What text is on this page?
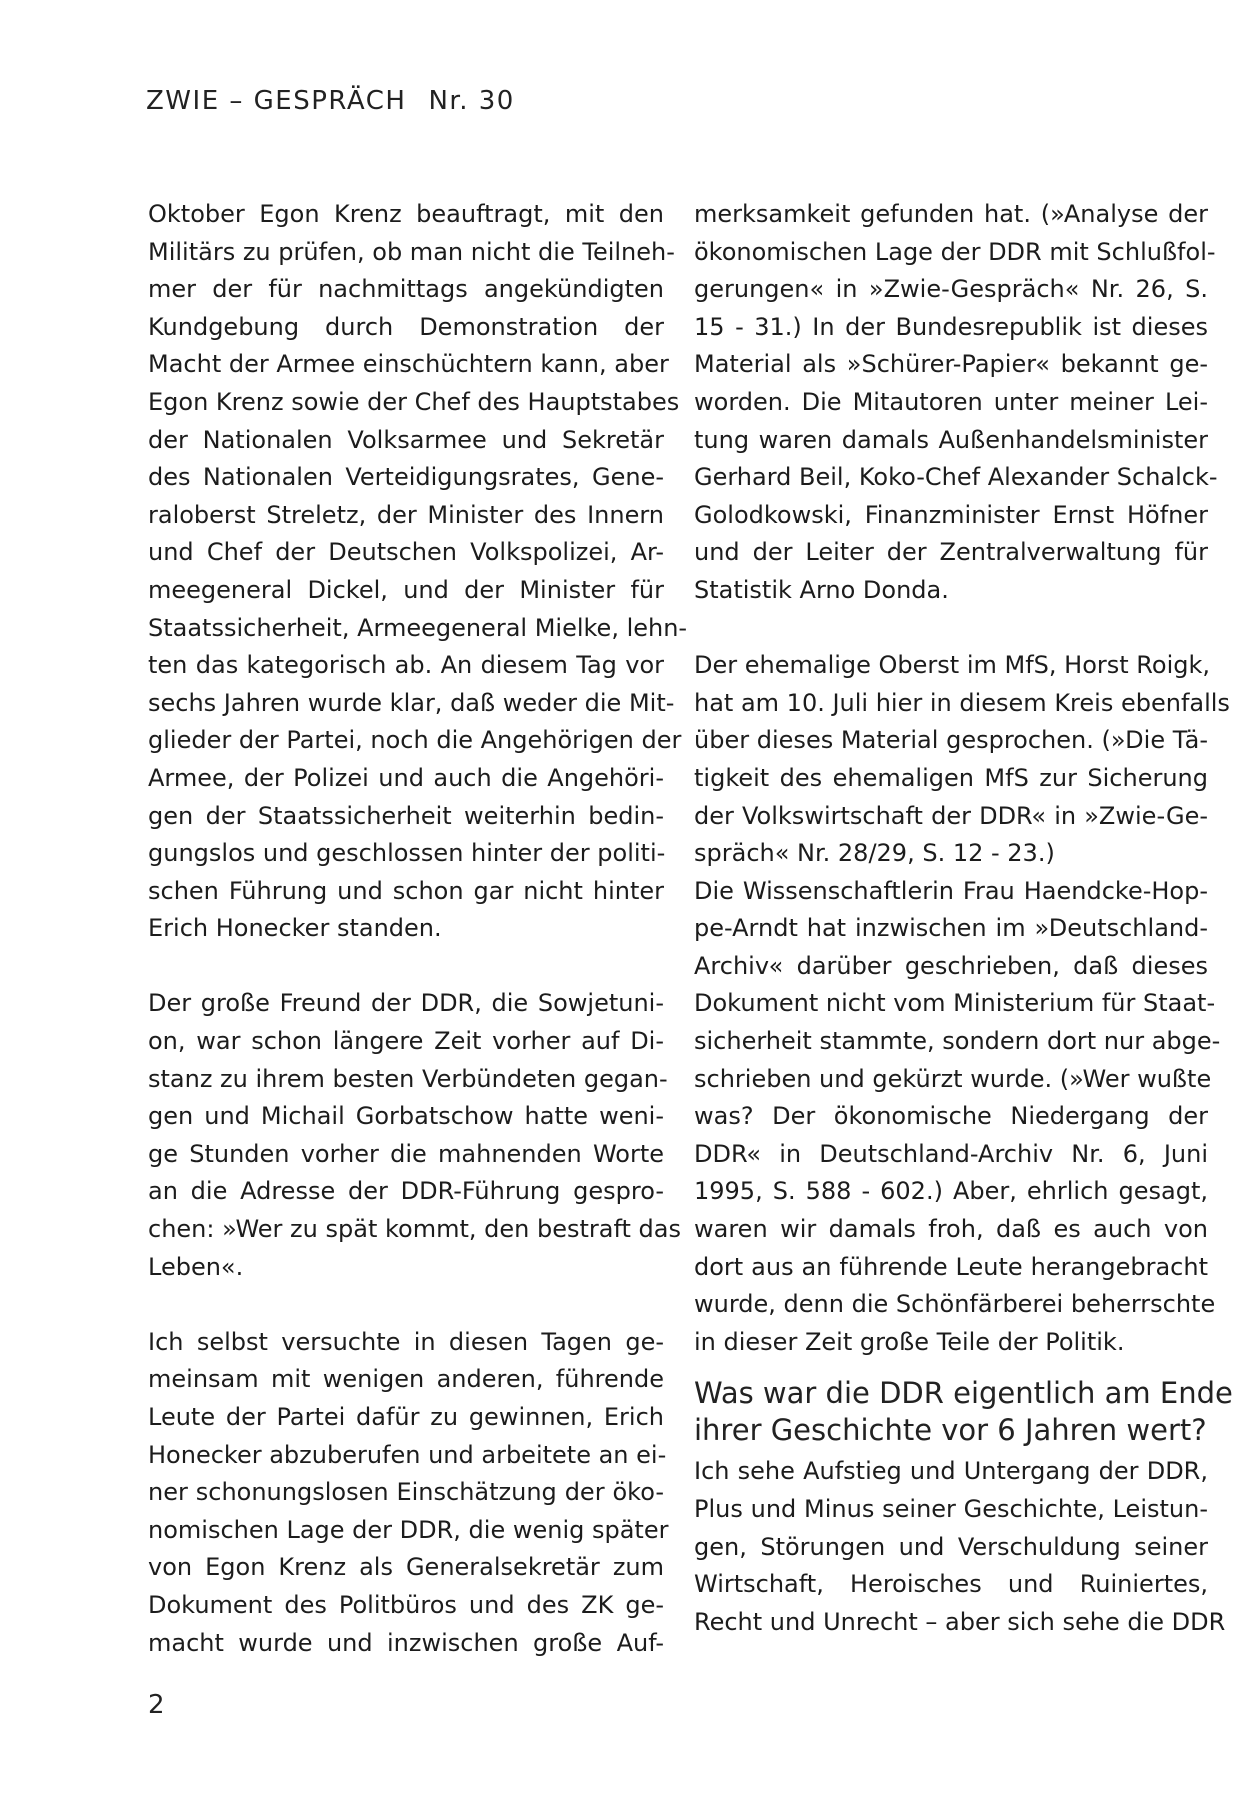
ZWIE – GESPRÄCH Nr. 30
Oktober Egon Krenz beauftragt, mit den
Militärs zu prüfen, ob man nicht die Teilneh-
mer der für nachmittags angekündigten
Kundgebung durch Demonstration der
Macht der Armee einschüchtern kann, aber
Egon Krenz sowie der Chef des Hauptstabes
der Nationalen Volksarmee und Sekretär
des Nationalen Verteidigungsrates, Gene-
raloberst Streletz, der Minister des Innern
und Chef der Deutschen Volkspolizei, Ar-
meegeneral Dickel, und der Minister für
Staatssicherheit, Armeegeneral Mielke, lehn-
ten das kategorisch ab. An diesem Tag vor
sechs Jahren wurde klar, daß weder die Mit-
glieder der Partei, noch die Angehörigen der
Armee, der Polizei und auch die Angehöri-
gen der Staatssicherheit weiterhin bedin-
gungslos und geschlossen hinter der politi-
schen Führung und schon gar nicht hinter
Erich Honecker standen.
Der große Freund der DDR, die Sowjetuni-
on, war schon längere Zeit vorher auf Di-
stanz zu ihrem besten Verbündeten gegan-
gen und Michail Gorbatschow hatte weni-
ge Stunden vorher die mahnenden Worte
an die Adresse der DDR-Führung gespro-
chen: »Wer zu spät kommt, den bestraft das
Leben«.
Ich selbst versuchte in diesen Tagen ge-
meinsam mit wenigen anderen, führende
Leute der Partei dafür zu gewinnen, Erich
Honecker abzuberufen und arbeitete an ei-
ner schonungslosen Einschätzung der öko-
nomischen Lage der DDR, die wenig später
von Egon Krenz als Generalsekretär zum
Dokument des Politbüros und des ZK ge-
macht wurde und inzwischen große Auf-
merksamkeit gefunden hat. (»Analyse der
ökonomischen Lage der DDR mit Schlußfol-
gerungen« in »Zwie-Gespräch« Nr. 26, S.
15 - 31.) In der Bundesrepublik ist dieses
Material als »Schürer-Papier« bekannt ge-
worden. Die Mitautoren unter meiner Lei-
tung waren damals Außenhandelsminister
Gerhard Beil, Koko-Chef Alexander Schalck-
Golodkowski, Finanzminister Ernst Höfner
und der Leiter der Zentralverwaltung für
Statistik Arno Donda.
Der ehemalige Oberst im MfS, Horst Roigk,
hat am 10. Juli hier in diesem Kreis ebenfalls
über dieses Material gesprochen. (»Die Tä-
tigkeit des ehemaligen MfS zur Sicherung
der Volkswirtschaft der DDR« in »Zwie-Ge-
spräch« Nr. 28/29, S. 12 - 23.)
Die Wissenschaftlerin Frau Haendcke-Hop-
pe-Arndt hat inzwischen im »Deutschland-
Archiv« darüber geschrieben, daß dieses
Dokument nicht vom Ministerium für Staat-
sicherheit stammte, sondern dort nur abge-
schrieben und gekürzt wurde. (»Wer wußte
was? Der ökonomische Niedergang der
DDR« in Deutschland-Archiv Nr. 6, Juni
1995, S. 588 - 602.) Aber, ehrlich gesagt,
waren wir damals froh, daß es auch von
dort aus an führende Leute herangebracht
wurde, denn die Schönfärberei beherrschte
in dieser Zeit große Teile der Politik.
Was war die DDR eigentlich am Ende
ihrer Geschichte vor 6 Jahren wert?
Ich sehe Aufstieg und Untergang der DDR,
Plus und Minus seiner Geschichte, Leistun-
gen, Störungen und Verschuldung seiner
Wirtschaft, Heroisches und Ruiniertes,
Recht und Unrecht – aber sich sehe die DDR
2
